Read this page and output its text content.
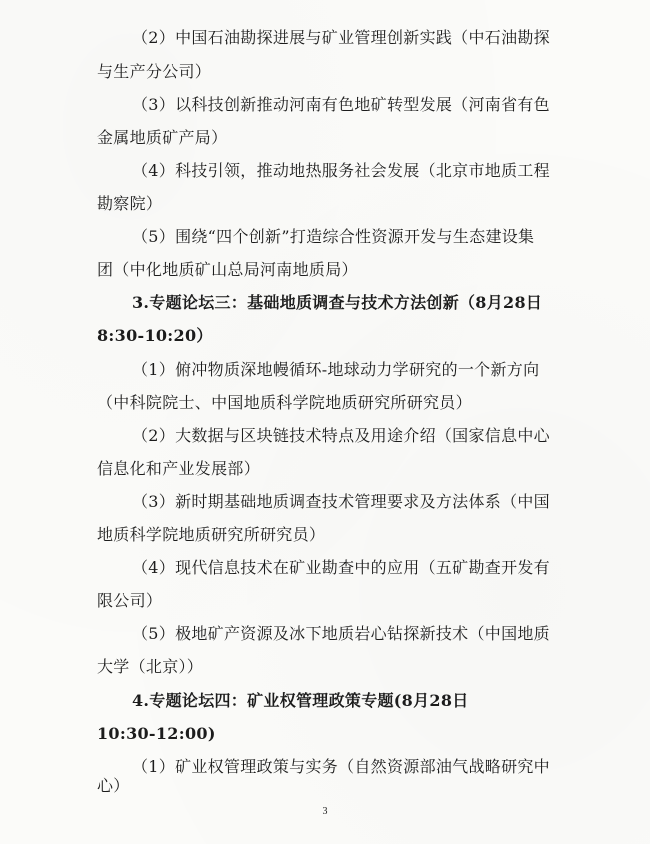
（2）中国石油勘探进展与矿业管理创新实践（中石油勘探
与生产分公司）
（3）以科技创新推动河南有色地矿转型发展（河南省有色
金属地质矿产局）
（4）科技引领，推动地热服务社会发展（北京市地质工程
勘察院）
（5）围绕“四个创新”打造综合性资源开发与生态建设集
团（中化地质矿山总局河南地质局）
3.专题论坛三：基础地质调查与技术方法创新（8月28日
8:30-10:20）
（1）俯冲物质深地幔循环-地球动力学研究的一个新方向
（中科院院士、中国地质科学院地质研究所研究员）
（2）大数据与区块链技术特点及用途介绍（国家信息中心
信息化和产业发展部）
（3）新时期基础地质调查技术管理要求及方法体系（中国
地质科学院地质研究所研究员）
（4）现代信息技术在矿业勘查中的应用（五矿勘查开发有
限公司）
（5）极地矿产资源及冰下地质岩心钻探新技术（中国地质
大学（北京））
4.专题论坛四：矿业权管理政策专题(8月28日
10:30-12:00)
（1）矿业权管理政策与实务（自然资源部油气战略研究中
心）
3
